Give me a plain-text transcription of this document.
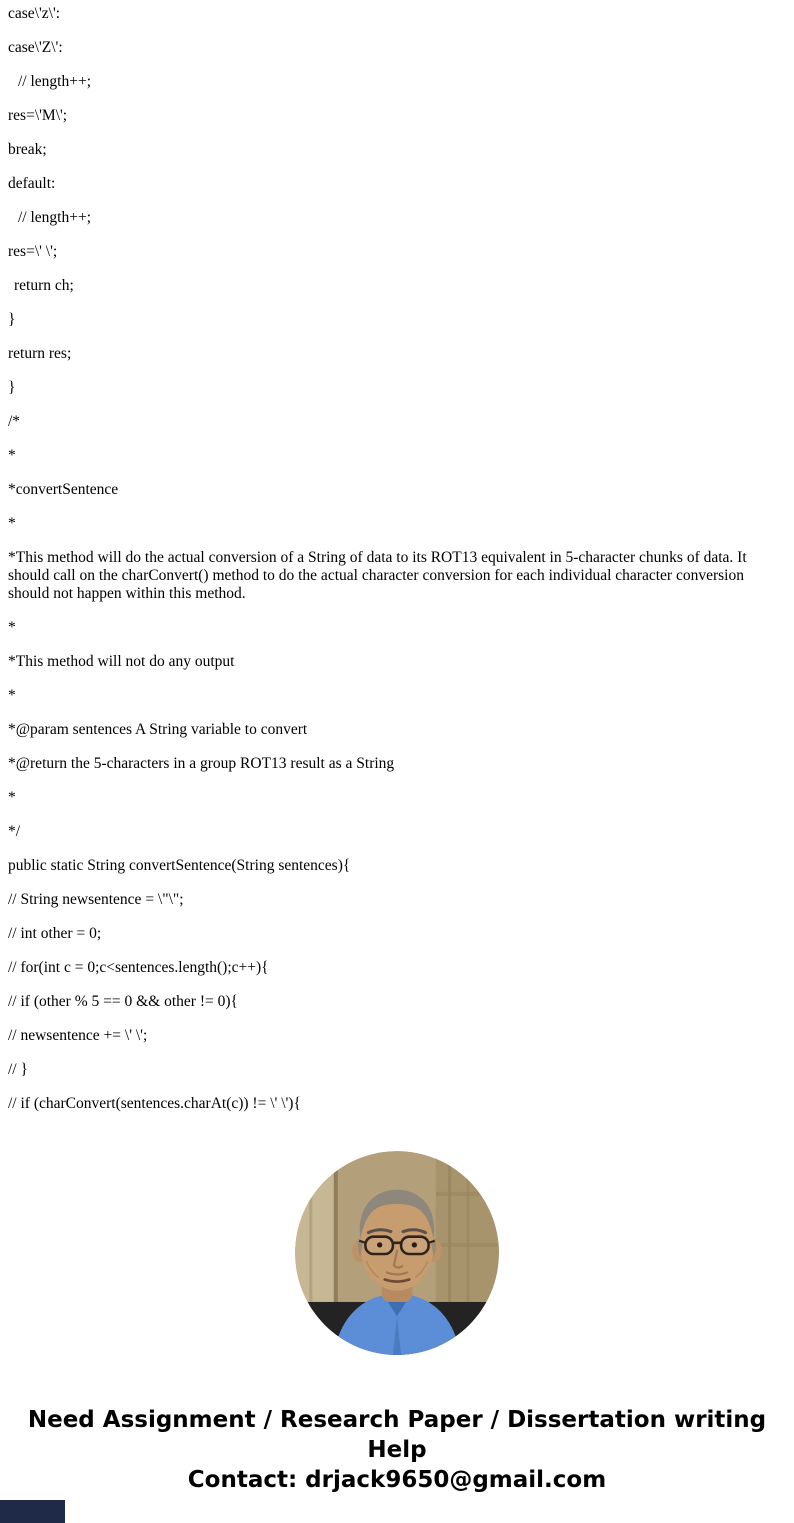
case\'z\':

case\'Z\':

// length++;

res=\'M\';

break;

default:

// length++;

res=\' \';

return ch;

}

return res;

}

/*

*

*convertSentence

*

*This method will do the actual conversion of a String of data to its ROT13 equivalent in 5-character chunks of data. It should call on the charConvert() method to do the actual character conversion for each individual character conversion should not happen within this method.

*

*This method will not do any output

*

*@param sentences A String variable to convert

*@return the 5-characters in a group ROT13 result as a String

*

*/

public static String convertSentence(String sentences){

// String newsentence = \"\";

// int other = 0;

// for(int c = 0;c<sentences.length();c++){

// if (other % 5 == 0 && other != 0){

// newsentence += \' \';

// }

// if (charConvert(sentences.charAt(c)) != \' \'){

Need Assignment / Research Paper / Dissertation writing Help

Contact: drjack9650@gmail.com
